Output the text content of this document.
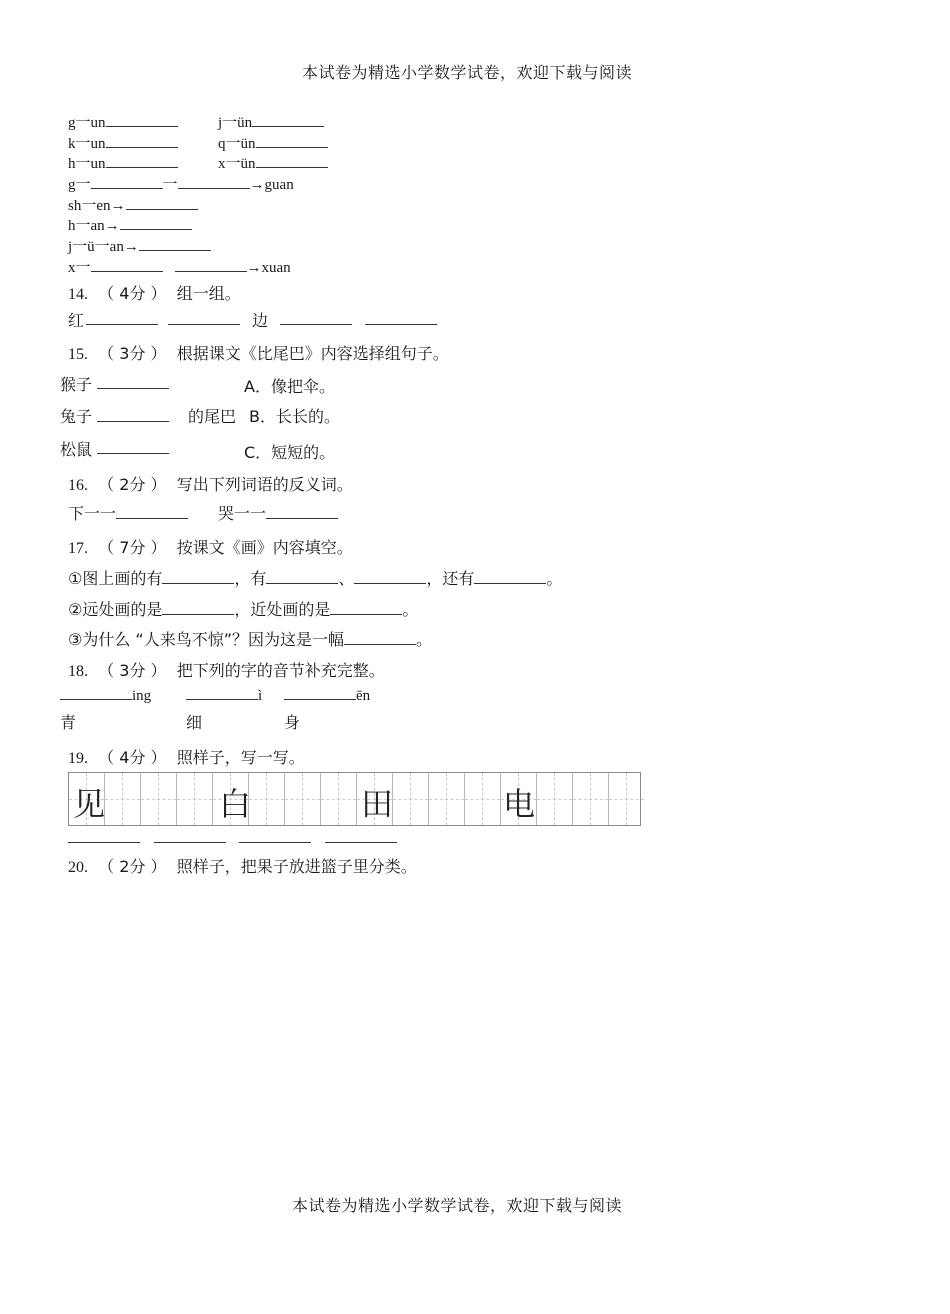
本试卷为精选小学数学试卷，欢迎下载与阅读
g一un	j一ün
k一un	q一ün
h一un	x一ün
g一	一	→guan
sh一en→
h一an→
j一ü一an→
x一	→xuan
14. （ 4分 ） 组一组。
红	边
15. （ 3分 ） 根据课文《比尾巴》内容选择组句子。
猴子	A．像把伞。
兔子	的尾巴 B．长长的。
松鼠	C．短短的。
16. （ 2分 ） 写出下列词语的反义词。
下一一	哭一一
17. （ 7分 ） 按课文《画》内容填空。
①图上画的有	，有	、	，还有	。
②远处画的是	，近处画的是	。
③为什么 “人来鸟不惊”？因为这是一幅	。
18. （ 3分 ） 把下列的字的音节补充完整。
ing	ì	ēn
青	细	身
19. （ 4分 ） 照样子，写一写。
见	白	田	电
20. （ 2分 ） 照样子，把果子放进篮子里分类。
本试卷为精选小学数学试卷，欢迎下载与阅读
